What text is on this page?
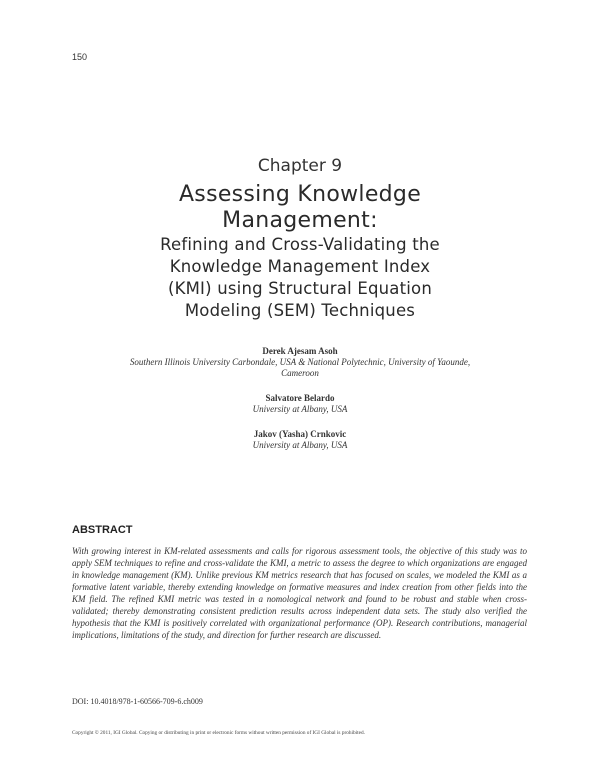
150
Chapter 9
Assessing Knowledge
Management:
Refining and Cross-Validating the
Knowledge Management Index
(KMI) using Structural Equation
Modeling (SEM) Techniques
Derek Ajesam Asoh
Southern Illinois University Carbondale, USA & National Polytechnic, University of Yaounde,
Cameroon
Salvatore Belardo
University at Albany, USA
Jakov (Yasha) Crnkovic
University at Albany, USA
ABSTRACT

With growing interest in KM-related assessments and calls for rigorous assessment tools, the objective of this study was to apply SEM techniques to refine and cross-validate the KMI, a metric to assess the degree to which organizations are engaged in knowledge management (KM). Unlike previous KM metrics research that has focused on scales, we modeled the KMI as a formative latent variable, thereby extending knowledge on formative measures and index creation from other fields into the KM field. The refined KMI metric was tested in a nomological network and found to be robust and stable when cross-validated; thereby demonstrating consistent prediction results across independent data sets. The study also verified the hypothesis that the KMI is positively correlated with organizational performance (OP). Research contributions, managerial implications, limitations of the study, and direction for further research are discussed.

DOI: 10.4018/978-1-60566-709-6.ch009
Copyright © 2011, IGI Global. Copying or distributing in print or electronic forms without written permission of IGI Global is prohibited.
